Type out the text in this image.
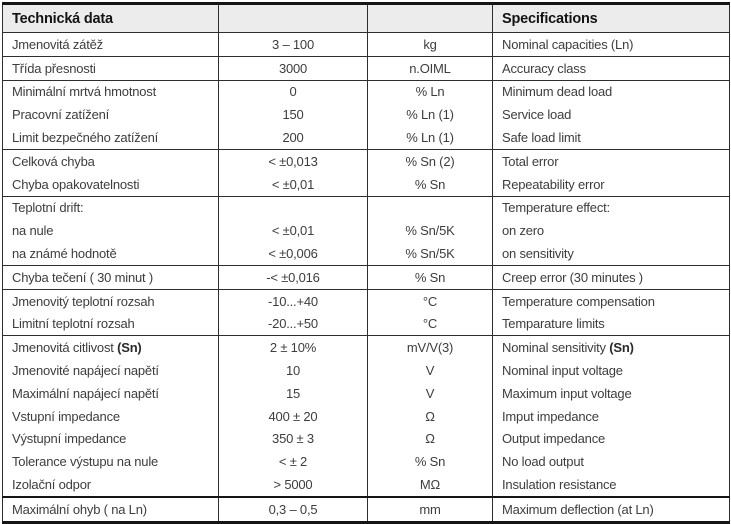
Technická data			Specifications
Jmenovitá zátěž	3 – 100	kg	Nominal capacities (Ln)
Třída přesnosti	3000	n.OIML	Accuracy class
Minimální mrtvá hmotnost	0	% Ln	Minimum dead load
Pracovní zatížení	150	% Ln (1)	Service load
Limit bezpečného zatížení	200	% Ln (1)	Safe load limit
Celková chyba	< ±0,013	% Sn (2)	Total error
Chyba opakovatelnosti	< ±0,01	% Sn	Repeatability error
Teplotní drift:			Temperature effect:
na nule	< ±0,01	% Sn/5K	on zero
na známé hodnotě	< ±0,006	% Sn/5K	on sensitivity
Chyba tečení ( 30 minut )	-< ±0,016	% Sn	Creep error (30 minutes )
Jmenovitý teplotní rozsah	-10...+40	°C	Temperature compensation
Limitní teplotní rozsah	-20...+50	°C	Temparature limits
Jmenovitá citlivost (Sn)	2 ± 10%	mV/V(3)	Nominal sensitivity (Sn)
Jmenovité napájecí napětí	10	V	Nominal input voltage
Maximální napájecí napětí	15	V	Maximum input voltage
Vstupní impedance	400 ± 20	Ω	Imput impedance
Výstupní impedance	350 ± 3	Ω	Output impedance
Tolerance výstupu na nule	< ± 2	% Sn	No load output
Izolační odpor	> 5000	MΩ	Insulation resistance
Maximální ohyb ( na Ln)	0,3 – 0,5	mm	Maximum deflection (at Ln)
